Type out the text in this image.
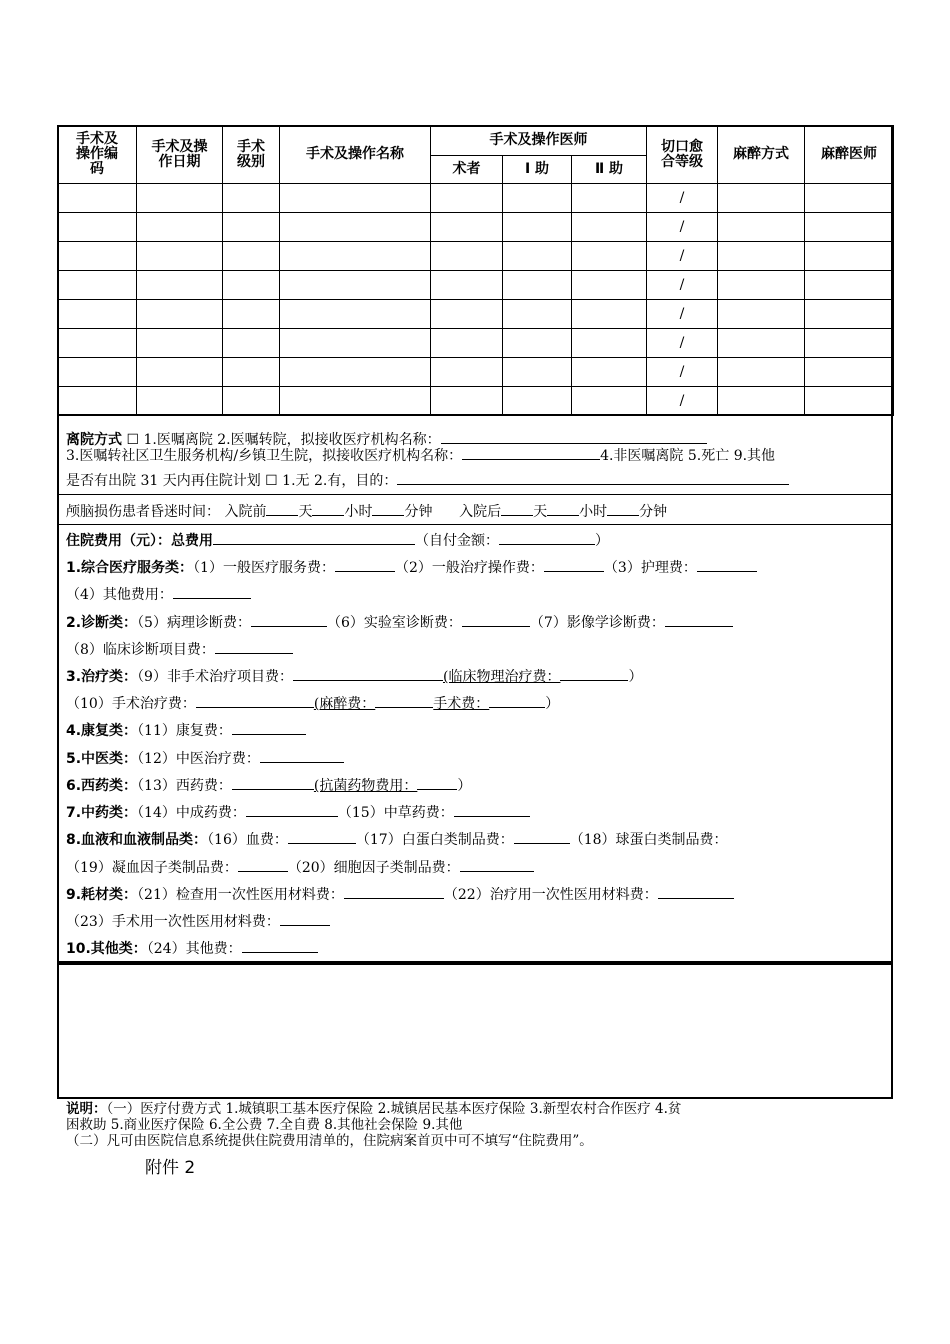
手术及操作编码	手术及操作日期	手术级别	手术及操作名称	手术及操作医师			切口愈合等级	麻醉方式	麻醉医师
				术者	Ⅰ 助	Ⅱ 助			
							/		
							/		
							/		
							/		
							/		
							/		
							/		
							/		
离院方式 ☐ 1.医嘱离院 2.医嘱转院，拟接收医疗机构名称：
3.医嘱转社区卫生服务机构/乡镇卫生院，拟接收医疗机构名称：	4.非医嘱离院 5.死亡 9.其他
是否有出院 31 天内再住院计划 ☐ 1.无 2.有，目的：
颅脑损伤患者昏迷时间： 入院前 天 小时 分钟 入院后 天 小时 分钟
住院费用（元）：总费用	（自付金额：	）
1.综合医疗服务类：（1）一般医疗服务费：	（2）一般治疗操作费：	（3）护理费：
（4）其他费用：
2.诊断类：（5）病理诊断费：	（6）实验室诊断费：	（7）影像学诊断费：
（8）临床诊断项目费：
3.治疗类：（9）非手术治疗项目费：	(临床物理治疗费：	）
（10）手术治疗费：	(麻醉费：	手术费：	）
4.康复类：（11）康复费：
5.中医类：（12）中医治疗费：
6.西药类：（13）西药费：	(抗菌药物费用：	）
7.中药类：（14）中成药费：	（15）中草药费：
8.血液和血液制品类：（16）血费：	（17）白蛋白类制品费：	（18）球蛋白类制品费：
（19）凝血因子类制品费：	（20）细胞因子类制品费：
9.耗材类：（21）检查用一次性医用材料费：	（22）治疗用一次性医用材料费：
（23）手术用一次性医用材料费：
10.其他类：（24）其他费：
说明：（一）医疗付费方式 1.城镇职工基本医疗保险 2.城镇居民基本医疗保险 3.新型农村合作医疗 4.贫
困救助 5.商业医疗保险 6.全公费 7.全自费 8.其他社会保险 9.其他
（二）凡可由医院信息系统提供住院费用清单的，住院病案首页中可不填写“住院费用”。
附件 2
